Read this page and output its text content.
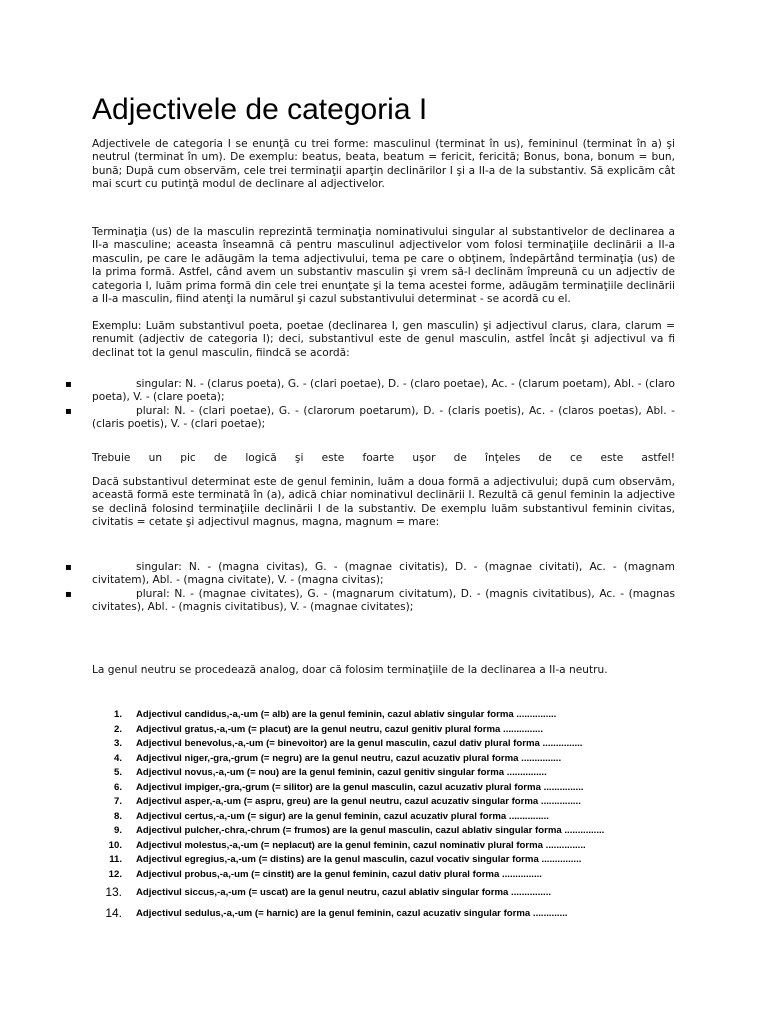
Adjectivele de categoria I

Adjectivele de categoria I se enunţă cu trei forme: masculinul (terminat în us), femininul (terminat în a) şi neutrul (terminat în um). De exemplu: beatus, beata, beatum = fericit, fericită; Bonus, bona, bonum = bun, bună; După cum observăm, cele trei terminaţii aparţin declinărilor I şi a II-a de la substantiv. Să explicăm cât mai scurt cu putinţă modul de declinare al adjectivelor.

Terminaţia (us) de la masculin reprezintă terminaţia nominativului singular al substantivelor de declinarea a II-a masculine; aceasta înseamnă că pentru masculinul adjectivelor vom folosi terminaţiile declinării a II-a masculin, pe care le adăugăm la tema adjectivului, tema pe care o obţinem, îndepărtând terminaţia (us) de la prima formă. Astfel, când avem un substantiv masculin şi vrem să-l declinăm împreună cu un adjectiv de categoria I, luăm prima formă din cele trei enunţate şi la tema acestei forme, adăugăm terminaţiile declinării a II-a masculin, fiind atenţi la numărul şi cazul substantivului determinat - se acordă cu el.

Exemplu: Luăm substantivul poeta, poetae (declinarea I, gen masculin) şi adjectivul clarus, clara, clarum = renumit (adjectiv de categoria I); deci, substantivul este de genul masculin, astfel încât şi adjectivul va fi declinat tot la genul masculin, fiindcă se acordă:

▪	singular: N. - (clarus poeta), G. - (clari poetae), D. - (claro poetae), Ac. - (clarum poetam), Abl. - (claro poeta), V. - (clare poeta);

▪	plural: N. - (clari poetae), G. - (clarorum poetarum), D. - (claris poetis), Ac. - (claros poetas), Abl. - (claris poetis), V. - (clari poetae);

Trebuie un pic de logică şi este foarte uşor de înţeles de ce este astfel!

Dacă substantivul determinat este de genul feminin, luăm a doua formă a adjectivului; după cum observăm, această formă este terminată în (a), adică chiar nominativul declinării I. Rezultă că genul feminin la adjective se declină folosind terminaţiile declinării I de la substantiv. De exemplu luăm substantivul feminin civitas, civitatis = cetate şi adjectivul magnus, magna, magnum = mare:

▪	singular: N. - (magna civitas), G. - (magnae civitatis), D. - (magnae civitati), Ac. - (magnam civitatem), Abl. - (magna civitate), V. - (magna civitas);

▪	plural: N. - (magnae civitates), G. - (magnarum civitatum), D. - (magnis civitatibus), Ac. - (magnas civitates), Abl. - (magnis civitatibus), V. - (magnae civitates);

La genul neutru se procedează analog, doar că folosim terminaţiile de la declinarea a II-a neutru.

1. Adjectivul candidus,-a,-um (= alb) are la genul feminin, cazul ablativ singular forma ...............
2. Adjectivul gratus,-a,-um (= placut) are la genul neutru, cazul genitiv plural forma ...............
3. Adjectivul benevolus,-a,-um (= binevoitor) are la genul masculin, cazul dativ plural forma ...............
4. Adjectivul niger,-gra,-grum (= negru) are la genul neutru, cazul acuzativ plural forma ...............
5. Adjectivul novus,-a,-um (= nou) are la genul feminin, cazul genitiv singular forma ...............
6. Adjectivul impiger,-gra,-grum (= silitor) are la genul masculin, cazul acuzativ plural forma ...............
7. Adjectivul asper,-a,-um (= aspru, greu) are la genul neutru, cazul acuzativ singular forma ...............
8. Adjectivul certus,-a,-um (= sigur) are la genul feminin, cazul acuzativ plural forma ...............
9. Adjectivul pulcher,-chra,-chrum (= frumos) are la genul masculin, cazul ablativ singular forma ...............
10. Adjectivul molestus,-a,-um (= neplacut) are la genul feminin, cazul nominativ plural forma ...............
11. Adjectivul egregius,-a,-um (= distins) are la genul masculin, cazul vocativ singular forma ...............
12. Adjectivul probus,-a,-um (= cinstit) are la genul feminin, cazul dativ plural forma ...............
13. Adjectivul siccus,-a,-um (= uscat) are la genul neutru, cazul ablativ singular forma ...............
14. Adjectivul sedulus,-a,-um (= harnic) are la genul feminin, cazul acuzativ singular forma .............
